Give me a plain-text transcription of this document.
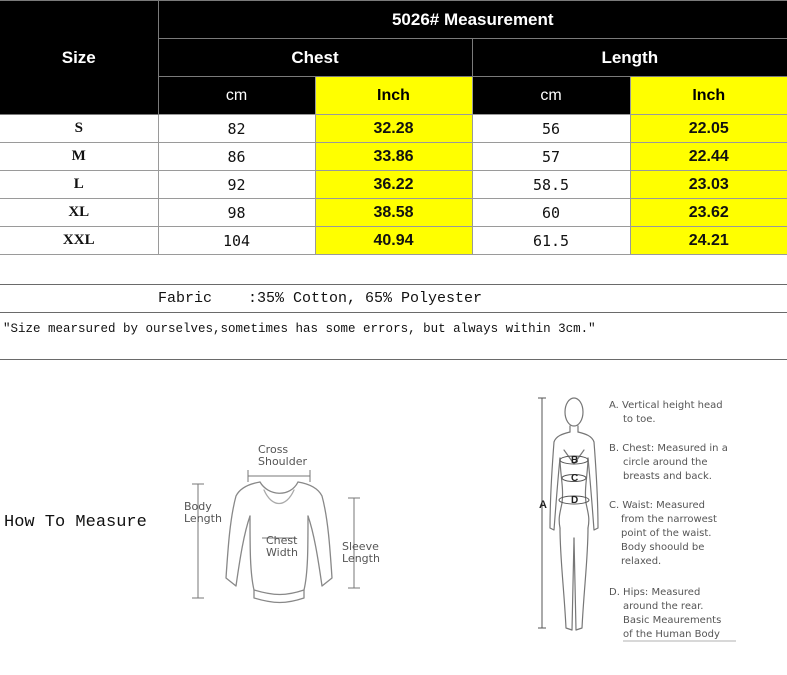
Size	5026# Measurement			
	Chest		Length	
	cm	Inch	cm	Inch
S	82	32.28	56	22.05
M	86	33.86	57	22.44
L	92	36.22	58.5	23.03
XL	98	38.58	60	23.62
XXL	104	40.94	61.5	24.21
Fabric    :35% Cotton, 65% Polyester
"Size mearsured by ourselves,sometimes has some errors, but always within 3cm."
How To Measure
Cross
Shoulder
Body
Length
Chest
Width	Sleeve
Length
A
B
C
D
A. Vertical height head
to toe.
B. Chest: Measured in a
circle around the
breasts and back.
C. Waist: Measured
from the narrowest
point of the waist.
Body shoould be
relaxed.
D. Hips: Measured
around the rear.
Basic Meaurements
of the Human Body
